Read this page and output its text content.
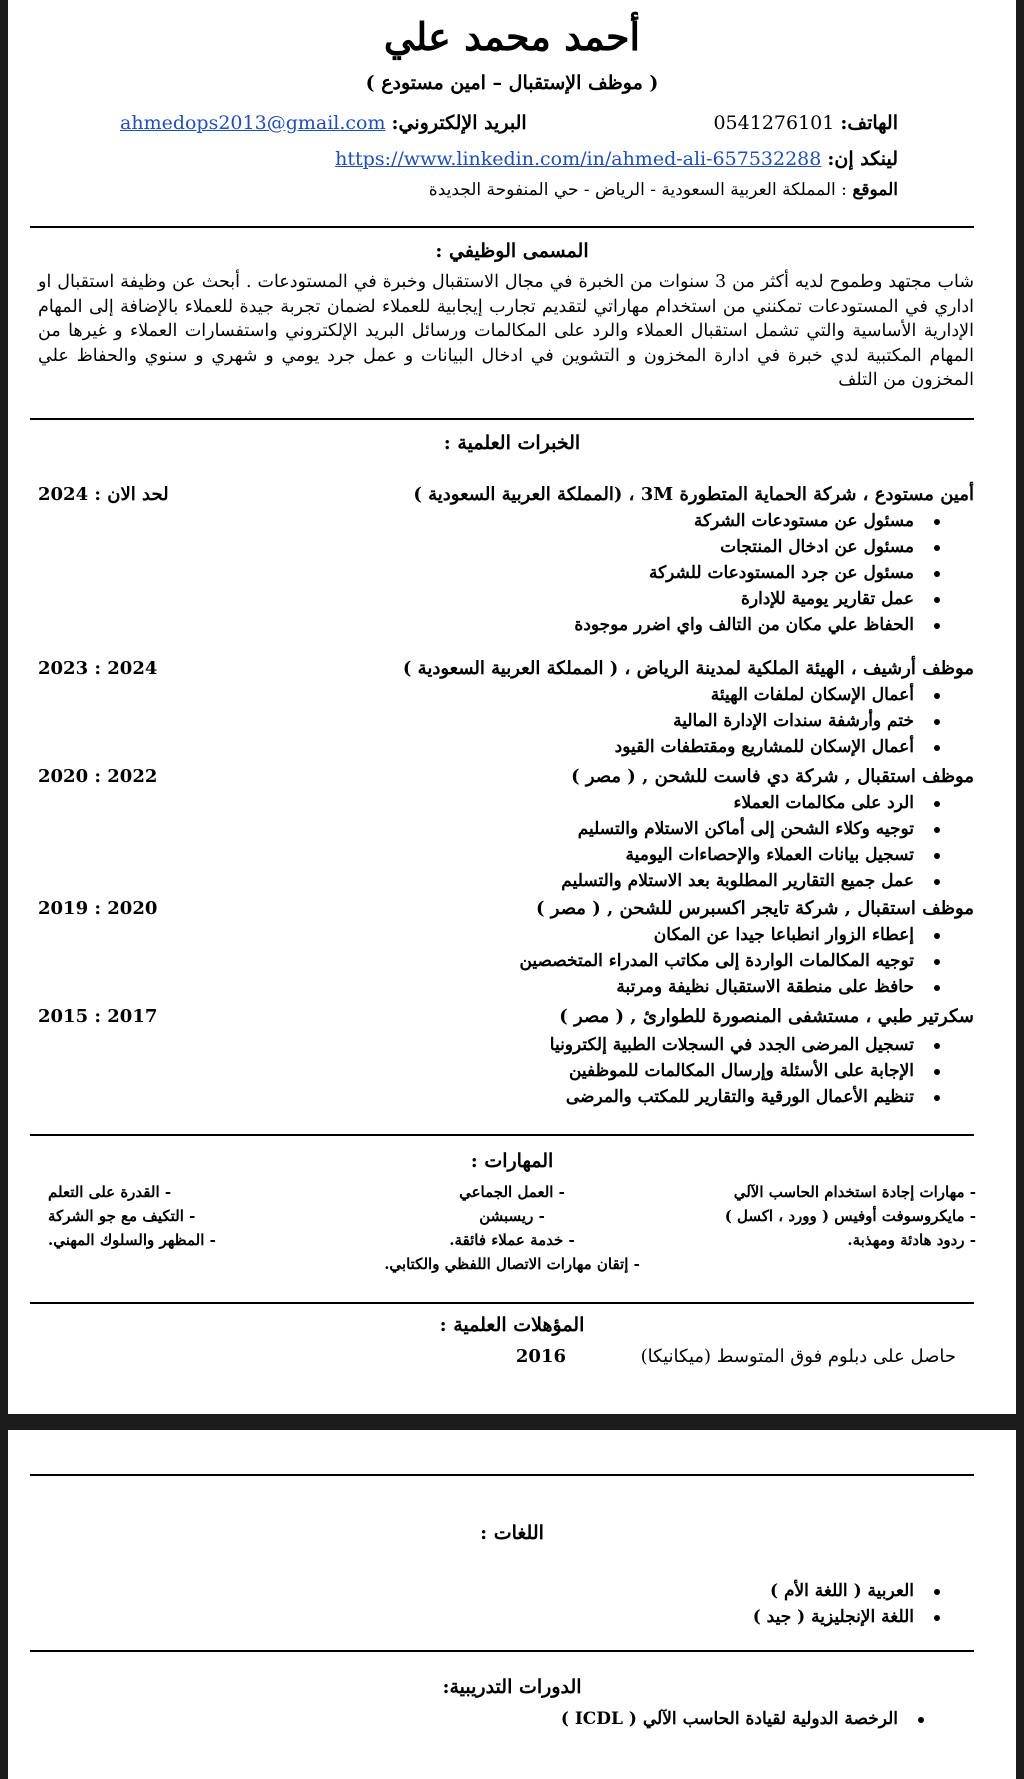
أحمد محمد علي
( موظف الإستقبال – امين مستودع )
الهاتف: 0541276101
البريد الإلكتروني: ahmedops2013@gmail.com
لينكد إن: https://www.linkedin.com/in/ahmed-ali-657532288
الموقع : المملكة العربية السعودية - الرياض - حي المنفوحة الجديدة
المسمى الوظيفي :
شاب مجتهد وطموح لديه أكثر من 3 سنوات من الخبرة في مجال الاستقبال وخبرة في المستودعات . أبحث عن وظيفة استقبال او اداري في المستودعات تمكنني من استخدام مهاراتي لتقديم تجارب إيجابية للعملاء لضمان تجربة جيدة للعملاء بالإضافة إلى المهام الإدارية الأساسية والتي تشمل استقبال العملاء والرد على المكالمات ورسائل البريد الإلكتروني واستفسارات العملاء و غيرها من المهام المكتبية لدي خبرة في ادارة المخزون و التشوين في ادخال البيانات و عمل جرد يومي و شهري و سنوي والحفاظ علي المخزون من التلف
الخبرات العلمية :
أمين مستودع ، شركة الحماية المتطورة 3M ، (المملكة العربية السعودية )
2024 : لحد الان
مسئول عن مستودعات الشركة
مسئول عن ادخال المنتجات
مسئول عن جرد المستودعات للشركة
عمل تقارير يومية للإدارة
الحفاظ علي مكان من التالف واي اضرر موجودة
موظف أرشيف ، الهيئة الملكية لمدينة الرياض ، ( المملكة العربية السعودية )
2023 : 2024
أعمال الإسكان لملفات الهيئة
ختم وأرشفة سندات الإدارة المالية
أعمال الإسكان للمشاريع ومقتطفات القيود
موظف استقبال , شركة دي فاست للشحن , ( مصر )
2020 : 2022
الرد على مكالمات العملاء
توجيه وكلاء الشحن إلى أماكن الاستلام والتسليم
تسجيل بيانات العملاء والإحصاءات اليومية
عمل جميع التقارير المطلوبة بعد الاستلام والتسليم
موظف استقبال , شركة تايجر اكسبرس للشحن , ( مصر )
2019 : 2020
إعطاء الزوار انطباعا جيدا عن المكان
توجيه المكالمات الواردة إلى مكاتب المدراء المتخصصين
حافظ على منطقة الاستقبال نظيفة ومرتبة
سكرتير طبي ، مستشفى المنصورة للطوارئ , ( مصر )
2015 : 2017
تسجيل المرضى الجدد في السجلات الطبية إلكترونيا
الإجابة على الأسئلة وإرسال المكالمات للموظفين
تنظيم الأعمال الورقية والتقارير للمكتب والمرضى
المهارات :
- مهارات إجادة استخدام الحاسب الآلي
- العمل الجماعي
- القدرة على التعلم
- مايكروسوفت أوفيس ( وورد ، اكسل )
- ريسبشن
- التكيف مع جو الشركة
- ردود هادئة ومهذبة.
- خدمة عملاء فائقة.
- المظهر والسلوك المهني.
- إتقان مهارات الاتصال اللفظي والكتابي.
المؤهلات العلمية :
حاصل على دبلوم فوق المتوسط (ميكانيكا)
2016
اللغات :
العربية ( اللغة الأم )
اللغة الإنجليزية ( جيد )
الدورات التدريبية:
الرخصة الدولية لقيادة الحاسب الآلي ( ICDL )
